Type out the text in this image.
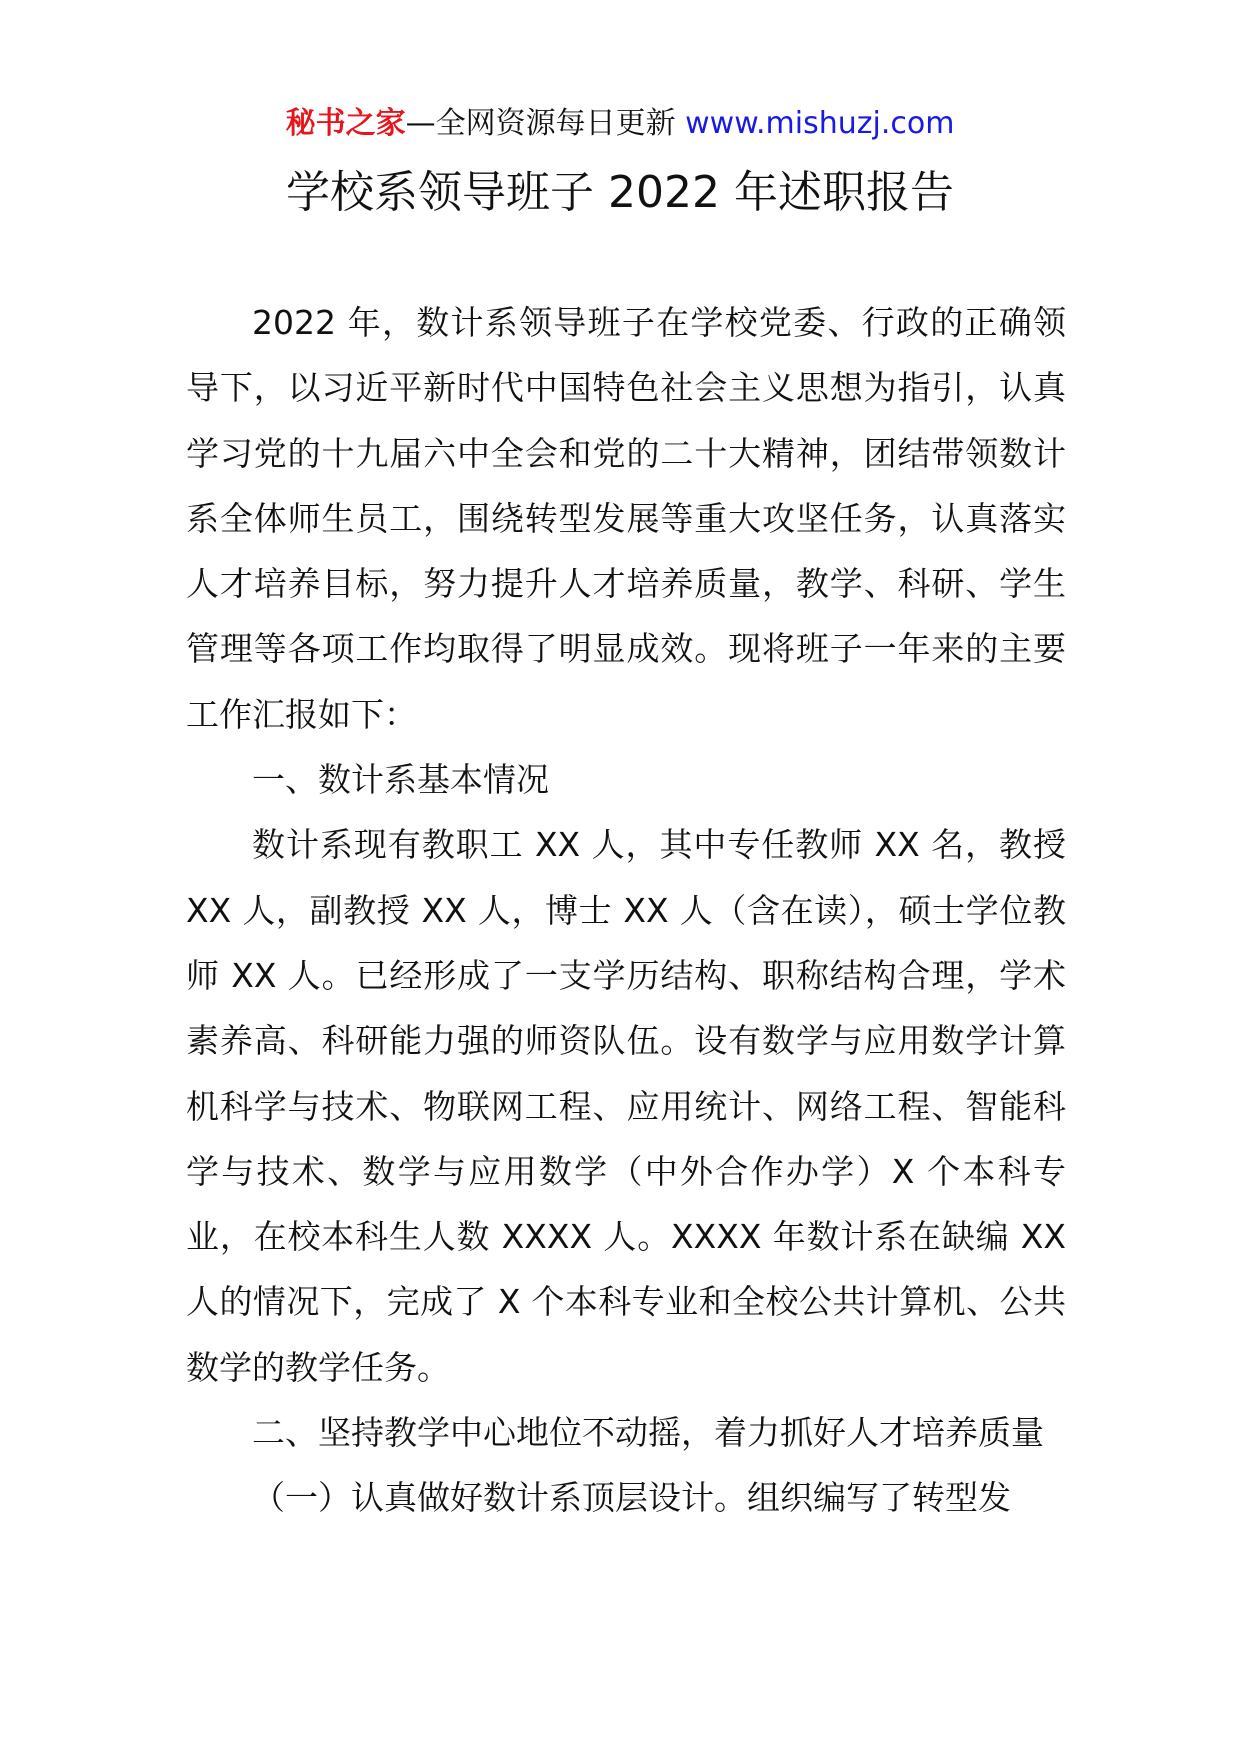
秘书之家—全网资源每日更新 www.mishuzj.com
学校系领导班子 2022 年述职报告

2022 年，数计系领导班子在学校党委、行政的正确领导下，以习近平新时代中国特色社会主义思想为指引，认真学习党的十九届六中全会和党的二十大精神，团结带领数计系全体师生员工，围绕转型发展等重大攻坚任务，认真落实人才培养目标，努力提升人才培养质量，教学、科研、学生管理等各项工作均取得了明显成效。现将班子一年来的主要工作汇报如下：

一、数计系基本情况

数计系现有教职工 XX 人，其中专任教师 XX 名，教授 XX 人，副教授 XX 人，博士 XX 人（含在读），硕士学位教师 XX 人。已经形成了一支学历结构、职称结构合理，学术素养高、科研能力强的师资队伍。设有数学与应用数学计算机科学与技术、物联网工程、应用统计、网络工程、智能科学与技术、数学与应用数学（中外合作办学）X 个本科专业，在校本科生人数 XXXX 人。XXXX 年数计系在缺编 XX 人的情况下，完成了 X 个本科专业和全校公共计算机、公共数学的教学任务。

二、坚持教学中心地位不动摇，着力抓好人才培养质量

（一）认真做好数计系顶层设计。组织编写了转型发
